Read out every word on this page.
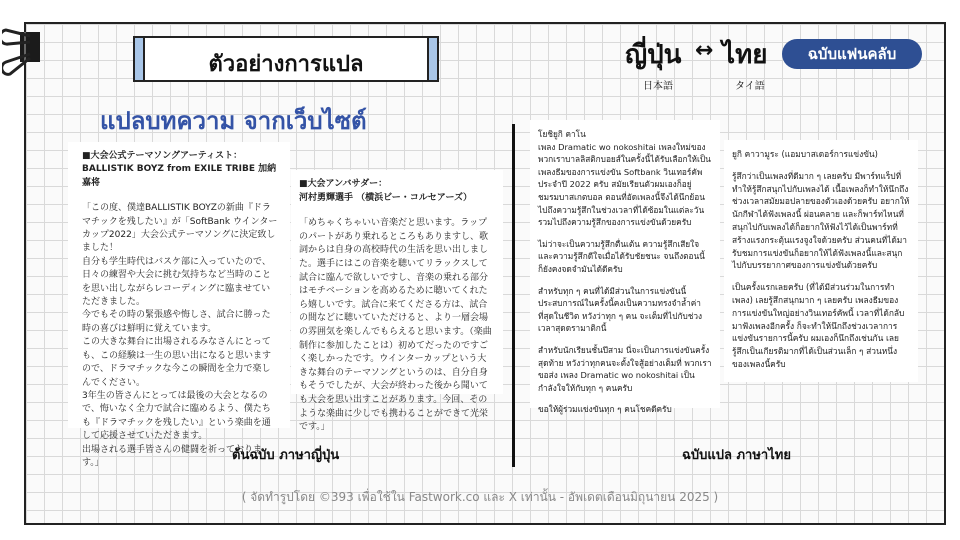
ตัวอย่างการแปล	ญี่ปุ่น ↔ ไทย
日本語	タイ語
ฉบับแฟนคลับ
แปลบทความ จากเว็บไซต์

■大会公式テーマソングアーティスト：
BALLISTIK BOYZ from EXILE TRIBE 加納嘉将

「この度、僕達BALLISTIK BOYZの新曲『ドラマチックを残したい』が「SoftBank ウインターカップ2022」大会公式テーマソングに決定致しました！
自分も学生時代はバスケ部に入っていたので、日々の練習や大会に挑む気持ちなど当時のことを思い出しながらレコーディングに臨ませていただきました。
今でもその時の緊張感や悔しさ、試合に勝った時の喜びは鮮明に覚えています。
この大きな舞台に出場されるみなさんにとっても、この経験は一生の思い出になると思いますので、ドラマチックな今この瞬間を全力で楽しんでください。
3年生の皆さんにとっては最後の大会となるので、悔いなく全力で試合に臨めるよう、僕たちも『ドラマチックを残したい』という楽曲を通して応援させていただきます。
出場される選手皆さんの健闘を祈っております。」

■大会アンバサダー：
河村勇輝選手 （横浜ビー・コルセアーズ）

「めちゃくちゃいい音楽だと思います。ラップのパートがあり乗れるところもありますし、歌詞からは自身の高校時代の生活を思い出しました。選手にはこの音楽を聴いてリラックスして試合に臨んで欲しいですし、音楽の乗れる部分はモチベーションを高めるために聴いてくれたら嬉しいです。試合に来てくださる方は、試合の間などに聴いていただけると、より一層会場の雰囲気を楽しんでもらえると思います。（楽曲制作に参加したことは）初めてだったのですごく楽しかったです。ウインターカップという大きな舞台のテーマソングというのは、自分自身もそうでしたが、大会が終わった後から聞いても大会を思い出すことがあります。今回、そのような楽曲に少しでも携わることができて光栄です。」

ต้นฉบับ ภาษาญี่ปุ่น

โยชิยูกิ คาโน
เพลง Dramatic wo nokoshitai เพลงใหม่ของพวกเราบาลลิสติกบอยส์ในครั้งนี้ได้รับเลือกให้เป็นเพลงธีมของการแข่งขัน Softbank วินเทอร์คัพประจำปี 2022 ครับ สมัยเรียนตัวผมเองก็อยู่ชมรมบาสเกตบอล ตอนที่อัดเพลงนี้จึงได้นึกย้อนไปถึงความรู้สึกในช่วงเวลาที่ได้ซ้อมในแต่ละวัน รวมไปถึงความรู้สึกของการแข่งขันด้วยครับ

ไม่ว่าจะเป็นความรู้สึกตื่นเต้น ความรู้สึกเสียใจ และความรู้สึกดีใจเมื่อได้รับชัยชนะ จนถึงตอนนี้ ก็ยังคงจดจำมันได้ดีครับ

สำหรับทุก ๆ คนที่ได้มีส่วนในการแข่งขันนี้ ประสบการณ์ในครั้งนี้คงเป็นความทรงจำล้ำค่าที่สุดในชีวิต หวังว่าทุก ๆ คน จะเต็มที่ไปกับช่วงเวลาสุดดรามาติกนี้

สำหรับนักเรียนชั้นปีสาม นี่จะเป็นการแข่งขันครั้งสุดท้าย หวังว่าทุกคนจะตั้งใจสู้อย่างเต็มที่ พวกเราขอส่ง เพลง Dramatic wo nokoshitai เป็นกำลังใจให้กับทุก ๆ คนครับ

ขอให้ผู้ร่วมแข่งขันทุก ๆ คนโชคดีครับ

ยูกิ คาวามูระ (แอมบาสเดอร์การแข่งขัน)

รู้สึกว่าเป็นเพลงที่ดีมาก ๆ เลยครับ มีพาร์ทแร็ปที่ทำให้รู้สึกสนุกไปกับเพลงได้ เนื้อเพลงก็ทำให้นึกถึงช่วงเวลาสมัยมอปลายของตัวเองด้วยครับ อยากให้นักกีฬาได้ฟังเพลงนี้ ผ่อนคลาย และก็พาร์ทไหนที่สนุกไปกับเพลงได้ก็อยากให้ฟังไว้ได้เป็นพาร์ทที่สร้างแรงกระตุ้นแรงจูงใจด้วยครับ ส่วนคนที่ได้มารับชมการแข่งขันก็อยากให้ได้ฟังเพลงนี้และสนุกไปกับบรรยากาศของการแข่งขันด้วยครับ

เป็นครั้งแรกเลยครับ (ที่ได้มีส่วนร่วมในการทำเพลง) เลยรู้สึกสนุกมาก ๆ เลยครับ เพลงธีมของการแข่งขันใหญ่อย่างวินเทอร์คัพนี้ เวลาที่ได้กลับมาฟังเพลงอีกครั้ง ก็จะทำให้นึกถึงช่วงเวลาการแข่งขันรายการนี้ครับ ผมเองก็นึกถึงเช่นกัน เลยรู้สึกเป็นเกียรติมากที่ได้เป็นส่วนเล็ก ๆ ส่วนหนึ่งของเพลงนี้ครับ

ฉบับแปล ภาษาไทย
( จัดทำรูปโดย ©393 เพื่อใช้ใน Fastwork.co และ X เท่านั้น - อัพเดตเดือนมิถุนายน 2025 )
